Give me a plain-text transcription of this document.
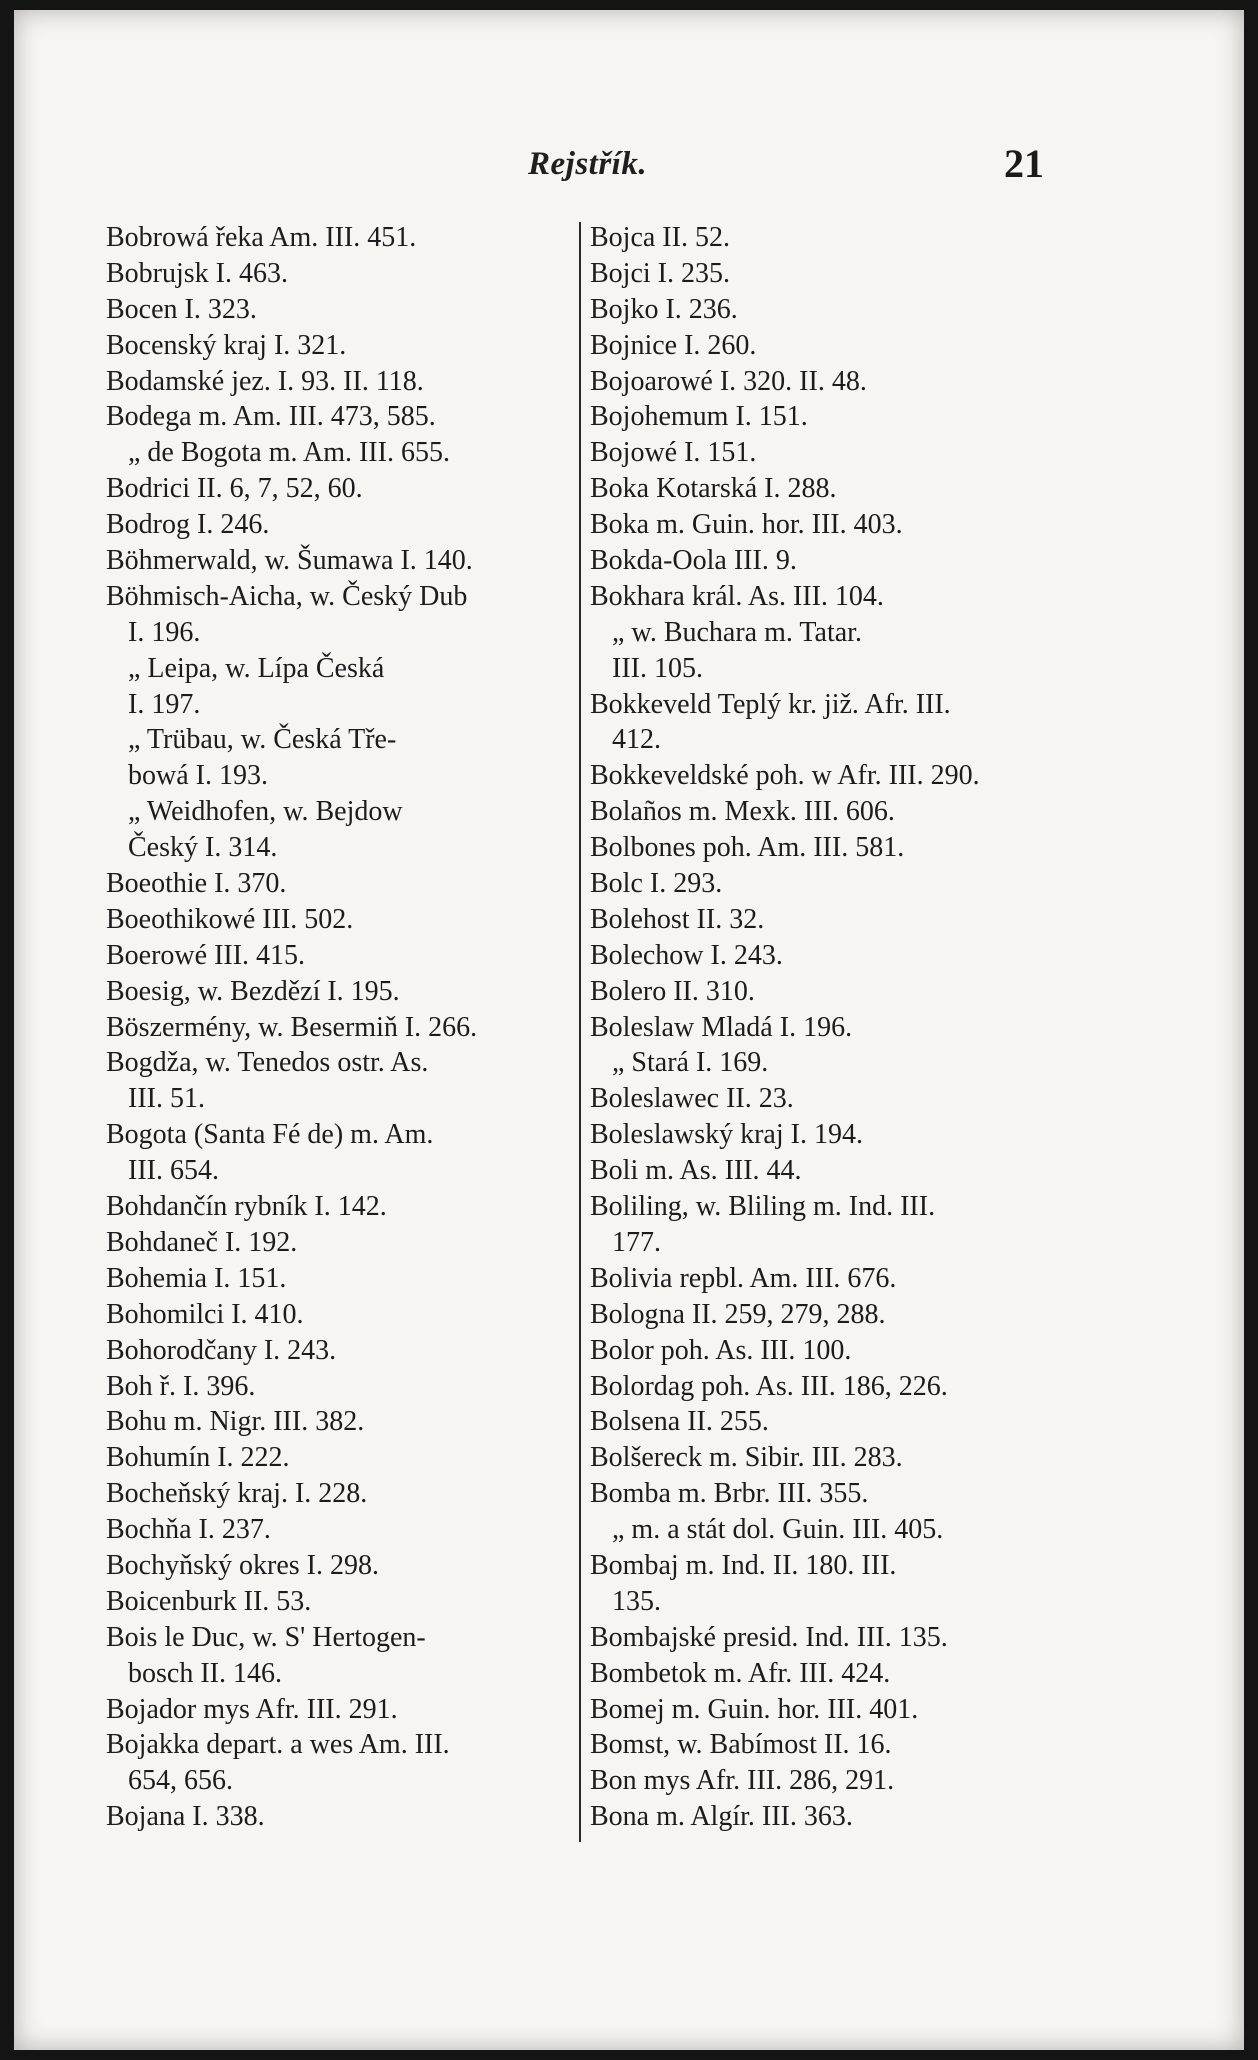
Rejstřík.	21
Bobrowá řeka Am. III. 451.
Bobrujsk I. 463.
Bocen I. 323.
Bocenský kraj I. 321.
Bodamské jez. I. 93. II. 118.
Bodega m. Am. III. 473, 585.
„ de Bogota m. Am. III. 655.
Bodrici II. 6, 7, 52, 60.
Bodrog I. 246.
Böhmerwald, w. Šumawa I. 140.
Böhmisch-Aicha, w. Český Dub
I. 196.
„ Leipa, w. Lípa Česká
I. 197.
„ Trübau, w. Česká Tře-
bowá I. 193.
„ Weidhofen, w. Bejdow
Český I. 314.
Boeothie I. 370.
Boeothikowé III. 502.
Boerowé III. 415.
Boesig, w. Bezdězí I. 195.
Böszermény, w. Besermiň I. 266.
Bogdža, w. Tenedos ostr. As.
III. 51.
Bogota (Santa Fé de) m. Am.
III. 654.
Bohdančín rybník I. 142.
Bohdaneč I. 192.
Bohemia I. 151.
Bohomilci I. 410.
Bohorodčany I. 243.
Boh ř. I. 396.
Bohu m. Nigr. III. 382.
Bohumín I. 222.
Bocheňský kraj. I. 228.
Bochňa I. 237.
Bochyňský okres I. 298.
Boicenburk II. 53.
Bois le Duc, w. S' Hertogen-
bosch II. 146.
Bojador mys Afr. III. 291.
Bojakka depart. a wes Am. III.
654, 656.
Bojana I. 338.
Bojca II. 52.
Bojci I. 235.
Bojko I. 236.
Bojnice I. 260.
Bojoarowé I. 320. II. 48.
Bojohemum I. 151.
Bojowé I. 151.
Boka Kotarská I. 288.
Boka m. Guin. hor. III. 403.
Bokda-Oola III. 9.
Bokhara král. As. III. 104.
„ w. Buchara m. Tatar.
III. 105.
Bokkeveld Teplý kr. již. Afr. III.
412.
Bokkeveldské poh. w Afr. III. 290.
Bolaños m. Mexk. III. 606.
Bolbones poh. Am. III. 581.
Bolc I. 293.
Bolehost II. 32.
Bolechow I. 243.
Bolero II. 310.
Boleslaw Mladá I. 196.
„ Stará I. 169.
Boleslawec II. 23.
Boleslawský kraj I. 194.
Boli m. As. III. 44.
Boliling, w. Bliling m. Ind. III.
177.
Bolivia repbl. Am. III. 676.
Bologna II. 259, 279, 288.
Bolor poh. As. III. 100.
Bolordag poh. As. III. 186, 226.
Bolsena II. 255.
Bolšereck m. Sibir. III. 283.
Bomba m. Brbr. III. 355.
„ m. a stát dol. Guin. III. 405.
Bombaj m. Ind. II. 180. III.
135.
Bombajské presid. Ind. III. 135.
Bombetok m. Afr. III. 424.
Bomej m. Guin. hor. III. 401.
Bomst, w. Babímost II. 16.
Bon mys Afr. III. 286, 291.
Bona m. Algír. III. 363.
